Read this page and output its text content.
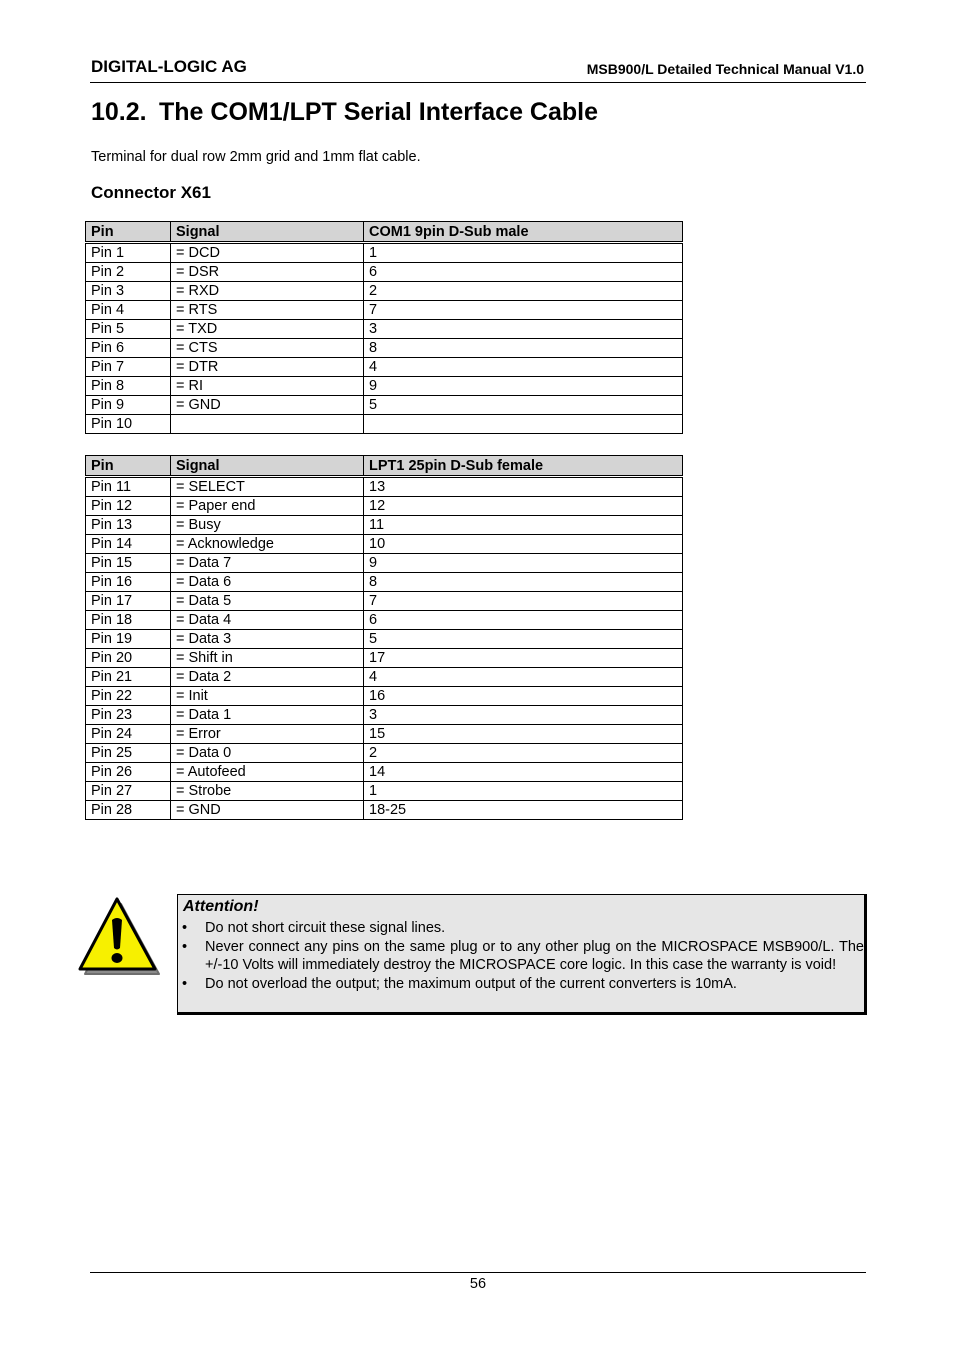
DIGITAL-LOGIC AG	MSB900/L Detailed Technical Manual V1.0
10.2. The COM1/LPT Serial Interface Cable
Terminal for dual row 2mm grid and 1mm flat cable.
Connector X61
Pin	Signal	COM1 9pin D-Sub male
Pin 1	= DCD	1
Pin 2	= DSR	6
Pin 3	= RXD	2
Pin 4	= RTS	7
Pin 5	= TXD	3
Pin 6	= CTS	8
Pin 7	= DTR	4
Pin 8	= RI	9
Pin 9	= GND	5
Pin 10		
Pin	Signal	LPT1 25pin D-Sub female
Pin 11	= SELECT	13
Pin 12	= Paper end	12
Pin 13	= Busy	11
Pin 14	= Acknowledge	10
Pin 15	= Data 7	9
Pin 16	= Data 6	8
Pin 17	= Data 5	7
Pin 18	= Data 4	6
Pin 19	= Data 3	5
Pin 20	= Shift in	17
Pin 21	= Data 2	4
Pin 22	= Init	16
Pin 23	= Data 1	3
Pin 24	= Error	15
Pin 25	= Data 0	2
Pin 26	= Autofeed	14
Pin 27	= Strobe	1
Pin 28	= GND	18-25
Attention!
• Do not short circuit these signal lines.
• Never connect any pins on the same plug or to any other plug on the MICROSPACE MSB900/L. The +/-10 Volts will immediately destroy the MICROSPACE core logic. In this case the warranty is void!
• Do not overload the output; the maximum output of the current converters is 10mA.
56
